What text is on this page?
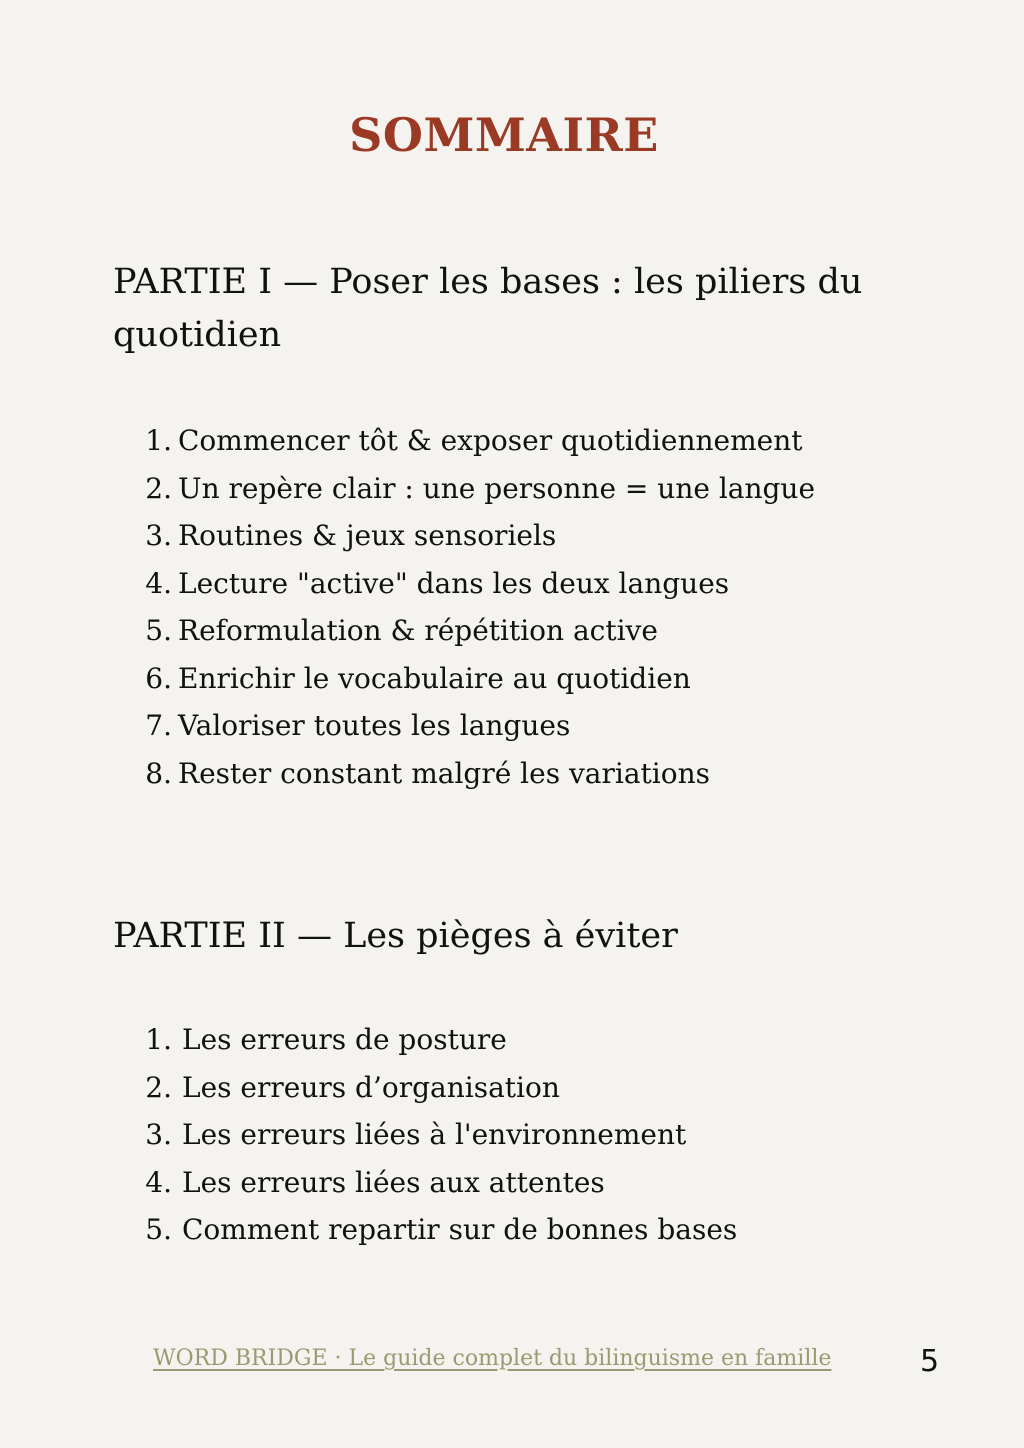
SOMMAIRE
PARTIE I — Poser les bases : les piliers du quotidien
1. Commencer tôt & exposer quotidiennement
2. Un repère clair : une personne = une langue
3. Routines & jeux sensoriels
4. Lecture "active" dans les deux langues
5. Reformulation & répétition active
6. Enrichir le vocabulaire au quotidien
7. Valoriser toutes les langues
8. Rester constant malgré les variations
PARTIE II — Les pièges à éviter
1. Les erreurs de posture
2. Les erreurs d’organisation
3. Les erreurs liées à l'environnement
4. Les erreurs liées aux attentes
5. Comment repartir sur de bonnes bases
WORD BRIDGE · Le guide complet du bilinguisme en famille	5
